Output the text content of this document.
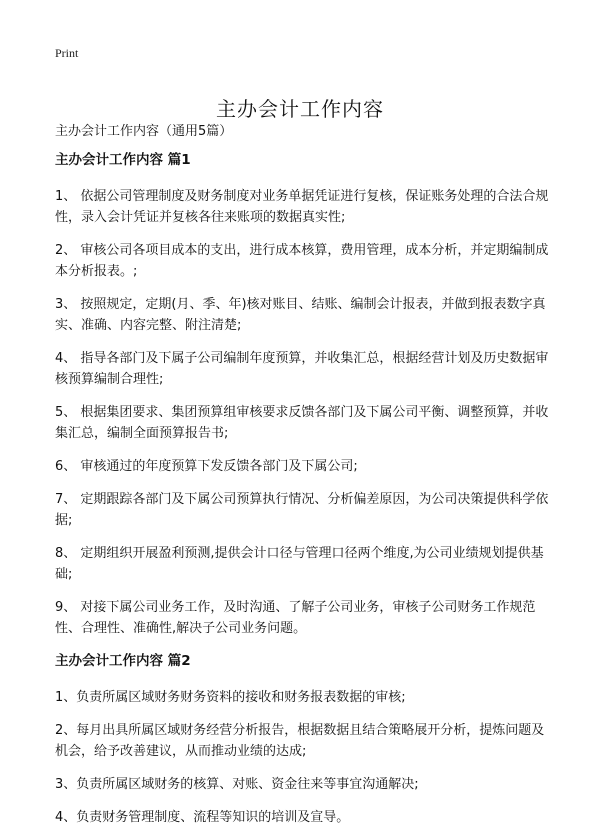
Print
主办会计工作内容
主办会计工作内容（通用5篇）
主办会计工作内容 篇1

1、 依据公司管理制度及财务制度对业务单据凭证进行复核，保证账务处理的合法合规性，录入会计凭证并复核各往来账项的数据真实性;

2、 审核公司各项目成本的支出，进行成本核算，费用管理，成本分析，并定期编制成本分析报表。;

3、 按照规定，定期(月、季、年)核对账目、结账、编制会计报表，并做到报表数字真实、准确、内容完整、附注清楚;

4、 指导各部门及下属子公司编制年度预算，并收集汇总，根据经营计划及历史数据审核预算编制合理性;

5、 根据集团要求、集团预算组审核要求反馈各部门及下属公司平衡、调整预算，并收集汇总，编制全面预算报告书;

6、 审核通过的年度预算下发反馈各部门及下属公司;

7、 定期跟踪各部门及下属公司预算执行情况、分析偏差原因，为公司决策提供科学依据;

8、 定期组织开展盈利预测,提供会计口径与管理口径两个维度,为公司业绩规划提供基础;

9、 对接下属公司业务工作，及时沟通、了解子公司业务，审核子公司财务工作规范性、合理性、准确性,解决子公司业务问题。

主办会计工作内容 篇2

1、负责所属区域财务财务资料的接收和财务报表数据的审核;

2、每月出具所属区域财务经营分析报告，根据数据且结合策略展开分析，提炼问题及机会，给予改善建议，从而推动业绩的达成;

3、负责所属区域财务的核算、对账、资金往来等事宜沟通解决;

4、负责财务管理制度、流程等知识的培训及宣导。
